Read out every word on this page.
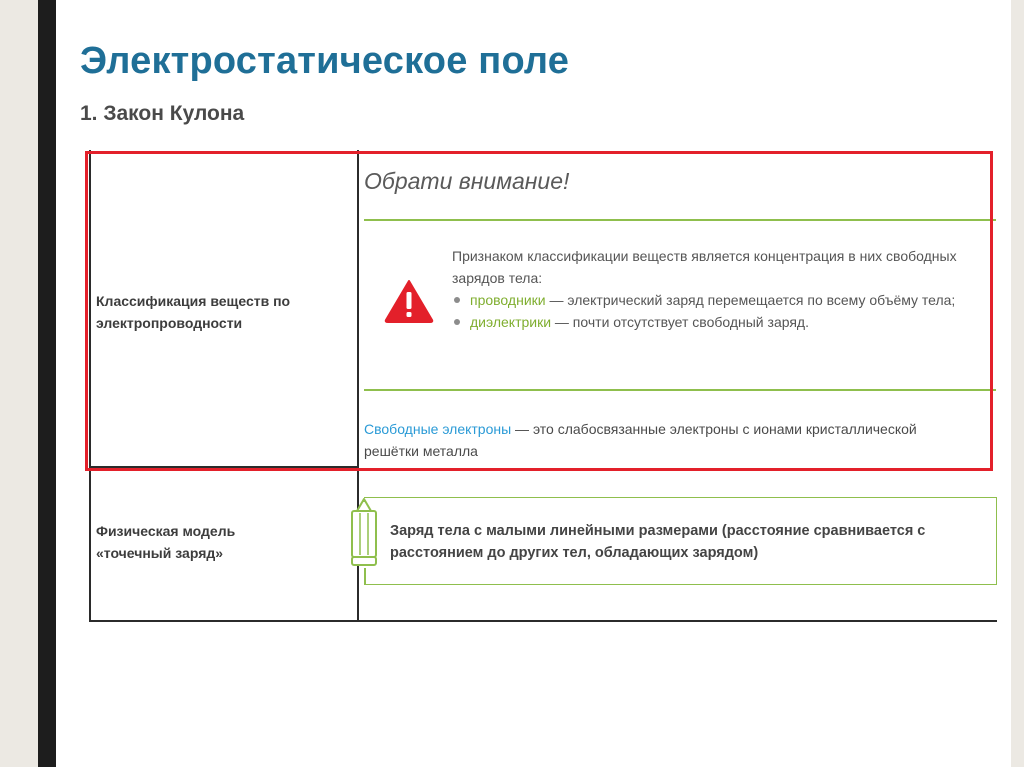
Электростатическое поле
1. Закон Кулона
Классификация веществ по электропроводности
Обрати внимание!

Признаком классификации веществ является концентрация в них свободных зарядов тела:

проводники — электрический заряд перемещается по всему объёму тела;
диэлектрики — почти отсутствует свободный заряд.
Свободные электроны — это слабосвязанные электроны с ионами кристаллической решётки металла
Физическая модель
«точечный заряд»
Заряд тела с малыми линейными размерами (расстояние сравнивается с расстоянием до других тел, обладающих зарядом)
